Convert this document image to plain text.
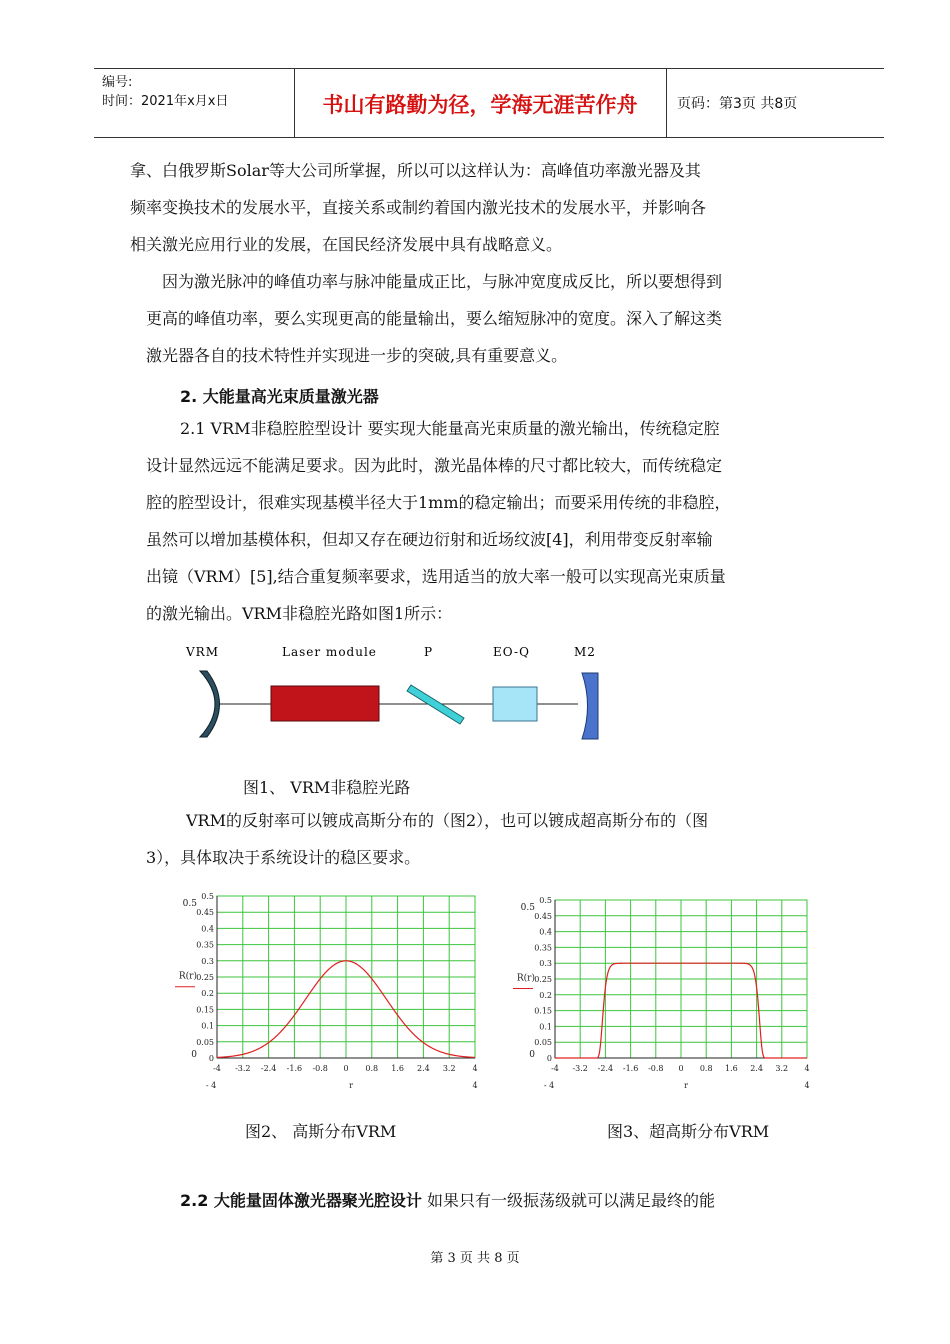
编号:
时间：2021年x月x日	书山有路勤为径，学海无涯苦作舟	页码：第3页 共8页
拿、白俄罗斯Solar等大公司所掌握，所以可以这样认为：高峰值功率激光器及其
频率变换技术的发展水平，直接关系或制约着国内激光技术的发展水平，并影响各
相关激光应用行业的发展，在国民经济发展中具有战略意义。
因为激光脉冲的峰值功率与脉冲能量成正比，与脉冲宽度成反比，所以要想得到
更高的峰值功率，要么实现更高的能量输出，要么缩短脉冲的宽度。深入了解这类
激光器各自的技术特性并实现进一步的突破,具有重要意义。
2. 大能量高光束质量激光器
2.1 VRM非稳腔腔型设计 要实现大能量高光束质量的激光输出，传统稳定腔
设计显然远远不能满足要求。因为此时，激光晶体棒的尺寸都比较大，而传统稳定
腔的腔型设计，很难实现基模半径大于1mm的稳定输出；而要采用传统的非稳腔，
虽然可以增加基模体积，但却又存在硬边衍射和近场纹波[4]，利用带变反射率输
出镜（VRM）[5],结合重复频率要求，选用适当的放大率一般可以实现高光束质量
的激光输出。VRM非稳腔光路如图1所示：
VRM	Laser module	P	EO-Q	M2
图1、 VRM非稳腔光路
VRM的反射率可以镀成高斯分布的（图2），也可以镀成超高斯分布的（图
3），具体取决于系统设计的稳区要求。
-4 -3.2 -2.4 -1.6 -0.8 0 0.8 1.6 2.4 3.2 4
0
0.05
0.1
0.15
0.2
0.25
0.3
0.35
0.4
0.45
0.5
0.5
0
- 4	4
r
R(r)
-4 -3.2 -2.4 -1.6 -0.8 0 0.8 1.6 2.4 3.2 4
0
0.05
0.1
0.15
0.2
0.25
0.3
0.35
0.4
0.45
0.5
0.5
0
- 4	4
r
R(r)
图2、 高斯分布VRM	图3、超高斯分布VRM
2.2 大能量固体激光器聚光腔设计 如果只有一级振荡级就可以满足最终的能
第 3 页 共 8 页
